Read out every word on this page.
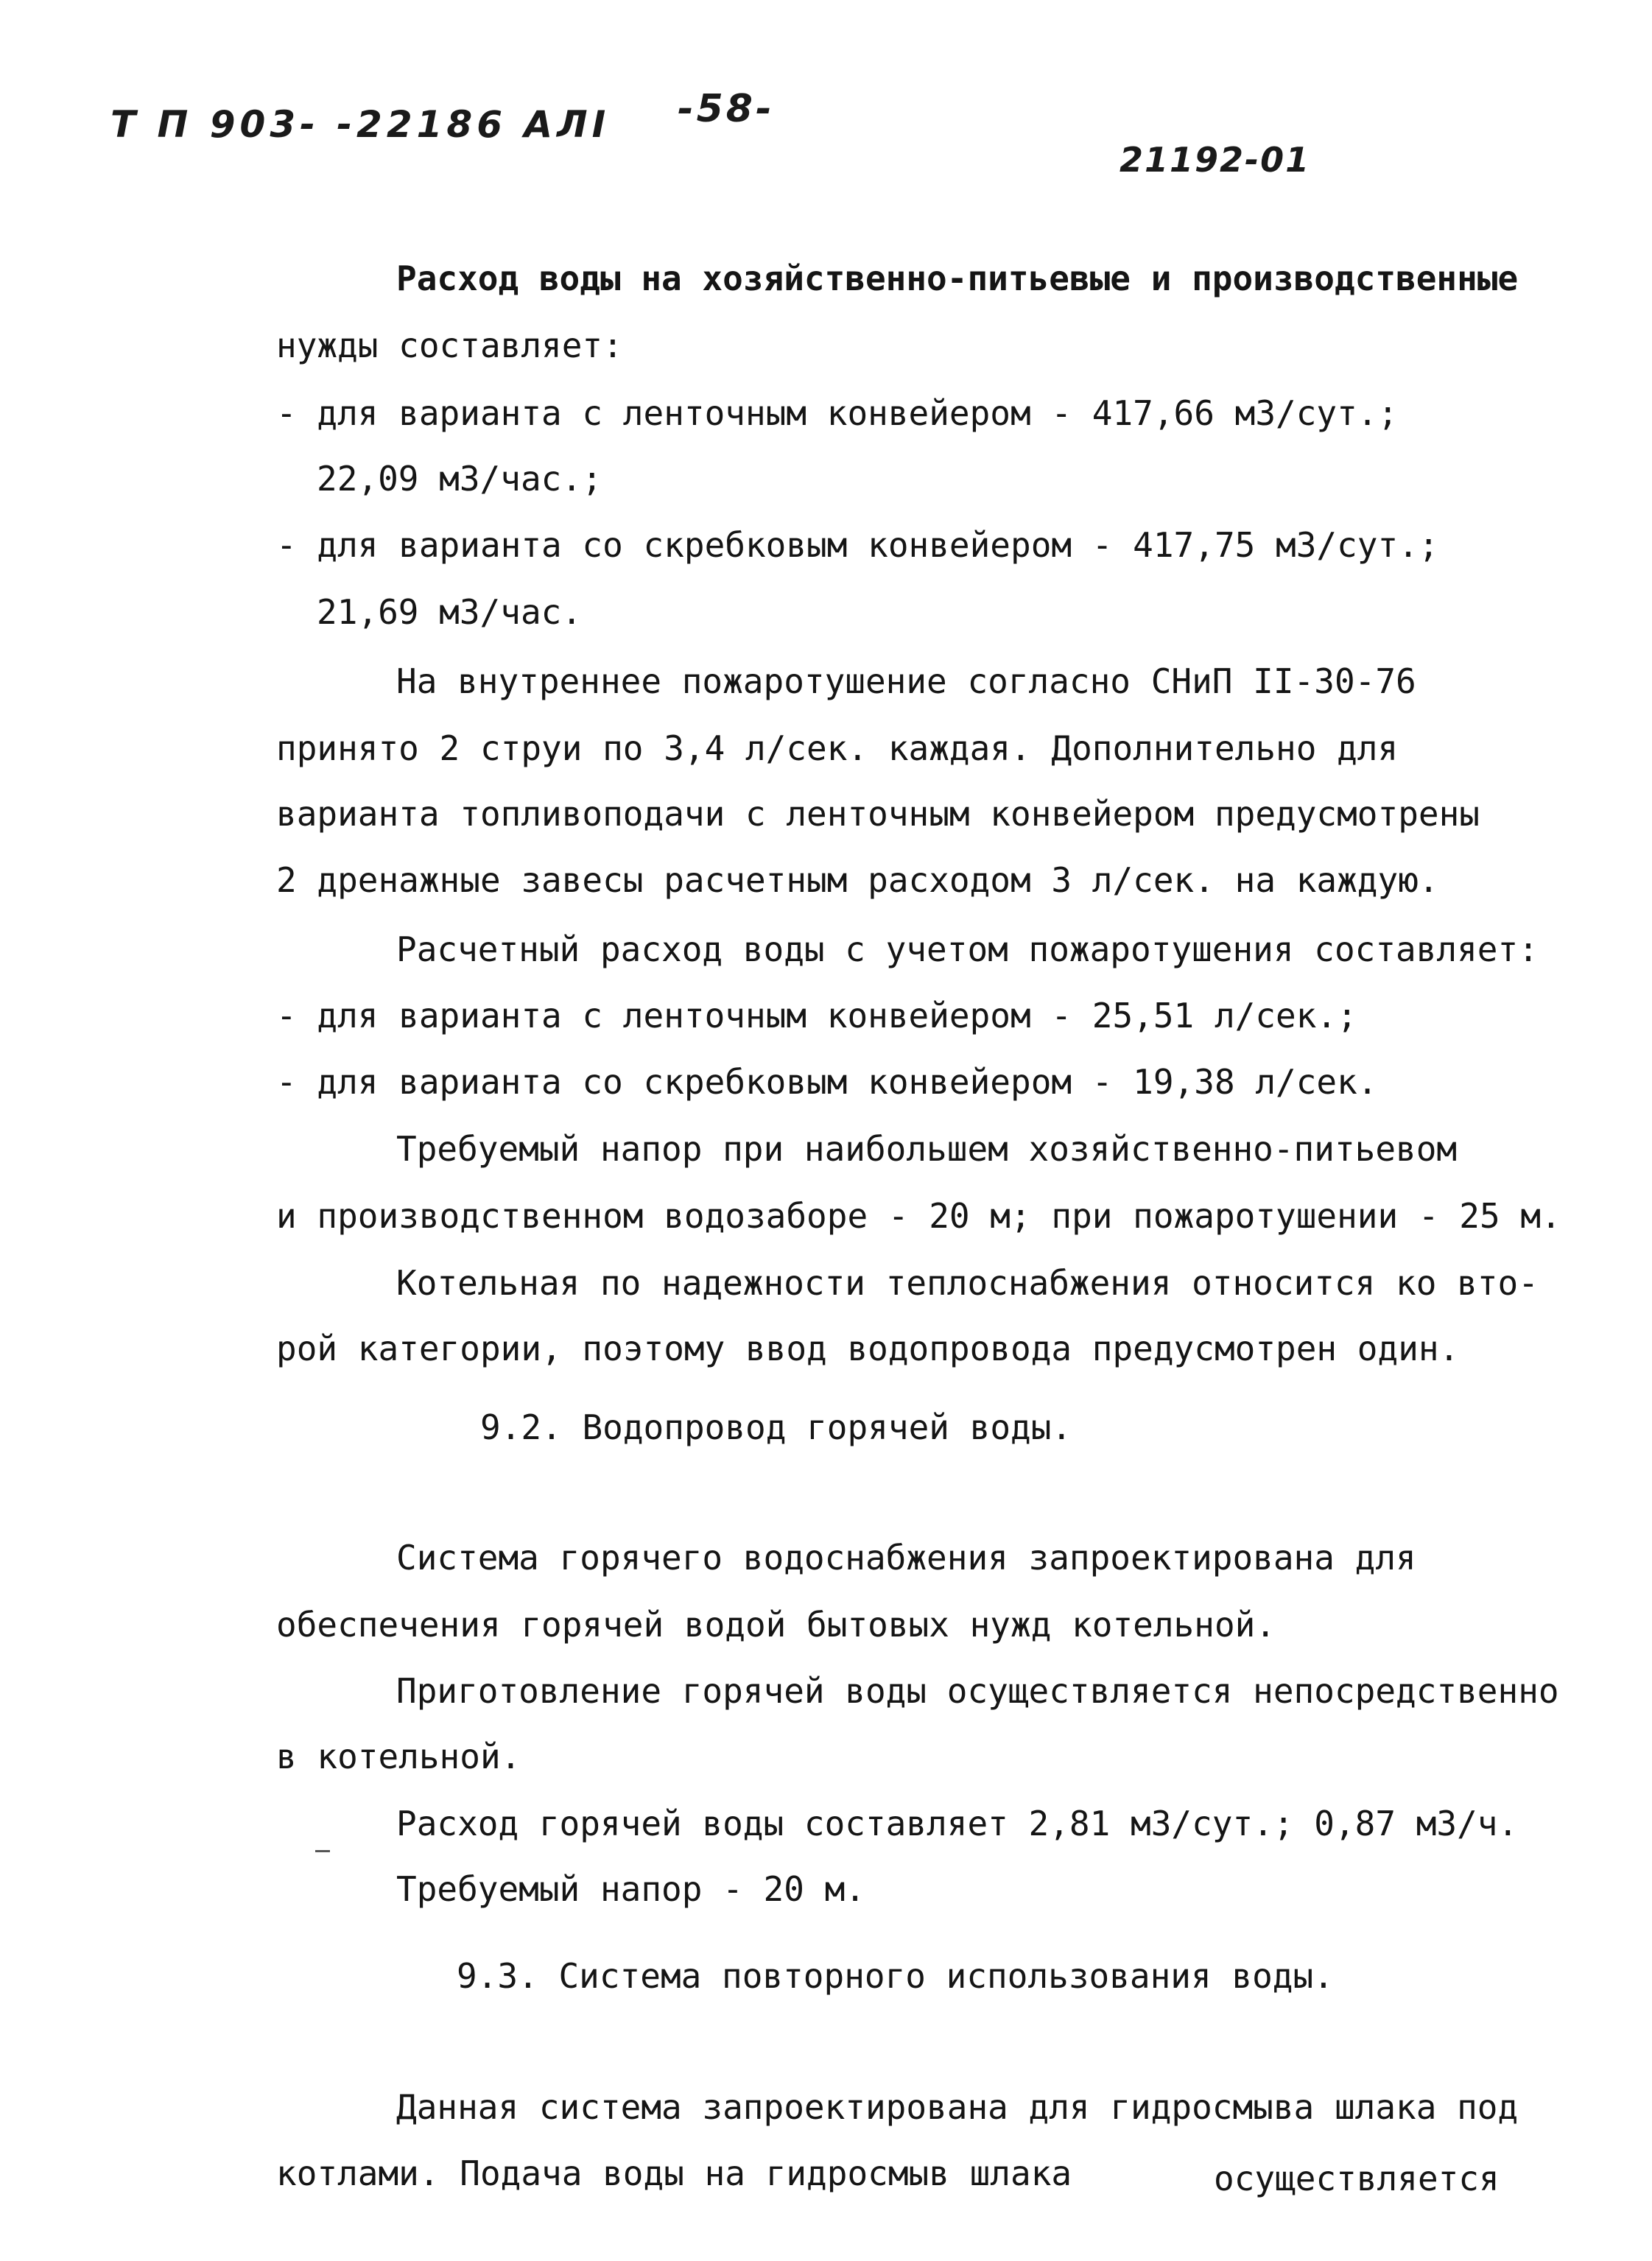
Т П 903- -22186 АЛI -58-
21192-01
Расход воды на хозяйственно-питьевые и производственные
нужды составляет:
- для варианта с ленточным конвейером - 417,66 м3/сут.;
22,09 м3/час.;
- для варианта со скребковым конвейером - 417,75 м3/сут.;
21,69 м3/час.
На внутреннее пожаротушение согласно СНиП II-30-76
принято 2 струи по 3,4 л/сек. каждая. Дополнительно для
варианта топливоподачи с ленточным конвейером предусмотрены
2 дренажные завесы расчетным расходом 3 л/сек. на каждую.
Расчетный расход воды с учетом пожаротушения составляет:
- для варианта с ленточным конвейером - 25,51 л/сек.;
- для варианта со скребковым конвейером - 19,38 л/сек.
Требуемый напор при наибольшем хозяйственно-питьевом
и производственном водозаборе - 20 м; при пожаротушении - 25 м.
Котельная по надежности теплоснабжения относится ко вто-
рой категории, поэтому ввод водопровода предусмотрен один.
9.2. Водопровод горячей воды.
Система горячего водоснабжения запроектирована для
обеспечения горячей водой бытовых нужд котельной.
Приготовление горячей воды осуществляется непосредственно
в котельной.
Расход горячей воды составляет 2,81 м3/сут.; 0,87 м3/ч.
Требуемый напор - 20 м.
9.3. Система повторного использования воды.
Данная система запроектирована для гидросмыва шлака под
котлами. Подача воды на гидросмыв шлака	осуществляется
